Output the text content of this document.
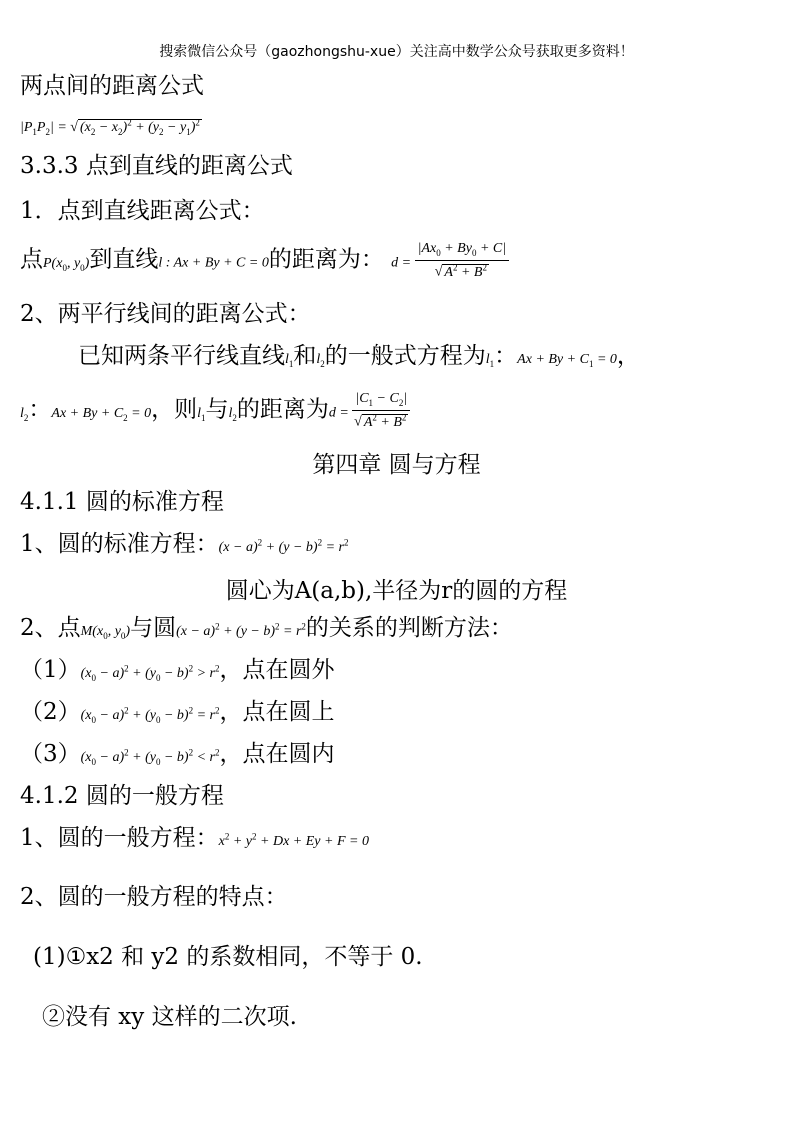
搜索微信公众号（gaozhongshu-xue）关注高中数学公众号获取更多资料！
两点间的距离公式
$|P_1P_2|$ = √ $(x_2 - x_2)^2 + (y_2 - y_1)^2$
3.3.3 点到直线的距离公式
1．点到直线距离公式：
点$P(x_0$, $y_0$)到直线l : Ax + By + C = 0的距离为： $d = \frac{|Ax_0 + By_0 + C|}{√ A^2 + B^2}$
2、两平行线间的距离公式：
已知两条平行线直线$l_1$和$l_2$的一般式方程为$l_1$：$Ax + By + C_1 = 0$，
$l_2$：$Ax + By + C_2 = 0$，则$l_1$与$l_2$的距离为$d = \frac{|C_1 - C_2|}{√ A^2 + B^2}$
第四章 圆与方程
4.1.1 圆的标准方程
1、圆的标准方程：$(x - a)^2 + (y - b)^2 = r^2$
圆心为A(a,b),半径为r的圆的方程
2、点$M(x_0$, $y_0$)与圆$(x - a)^2 + (y - b)^2 = r^2$的关系的判断方法：
$(1)(x_0 - a)^2 + (y_0 - b)^2 > r^2$，点在圆外
$(2)(x_0 - a)^2 + (y_0 - b)^2 = r^2$，点在圆上
$(3)(x_0 - a)^2 + (y_0 - b)^2 < r^2$，点在圆内
4.1.2 圆的一般方程
1、圆的一般方程：$x^2 + y^2 + Dx + Ey + F = 0$
2、圆的一般方程的特点：
(1)①x2 和 y2 的系数相同，不等于 0.
②没有 xy 这样的二次项.
